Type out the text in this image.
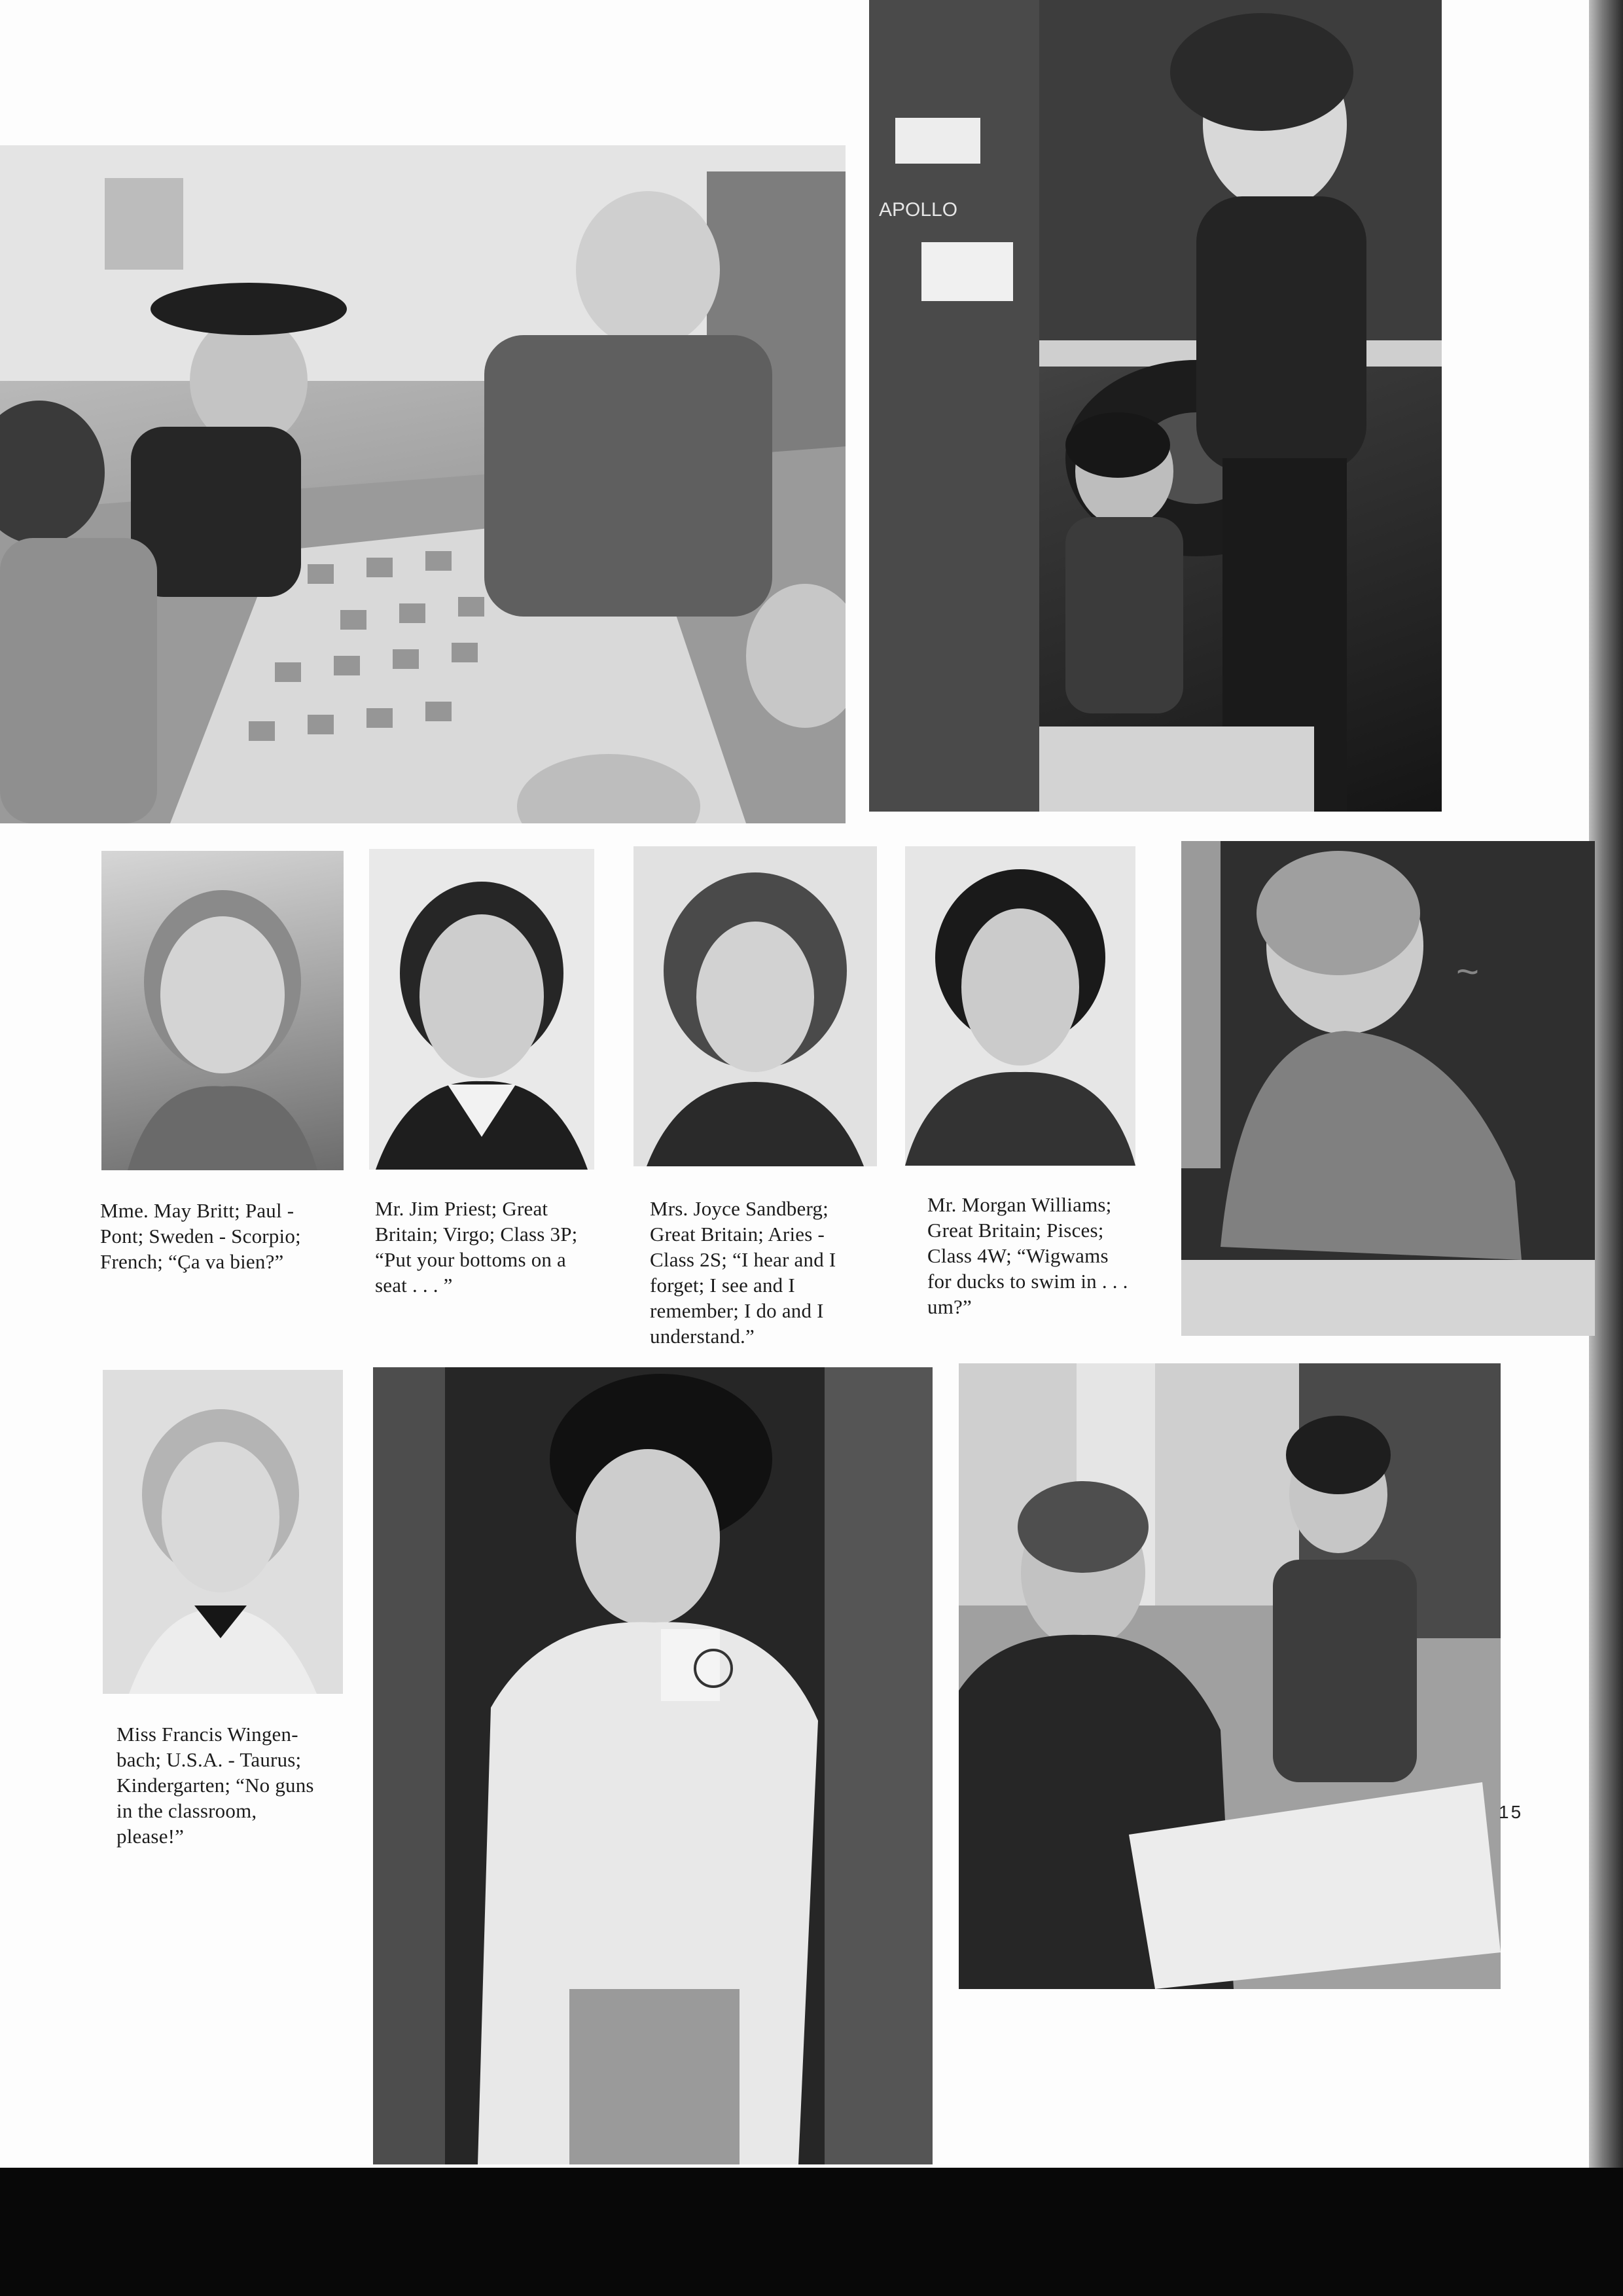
APOLLO
~
Mme. May Britt; Paul -
Pont; Sweden - Scorpio;
French; “Ça va bien?”
Mr. Jim Priest; Great
Britain; Virgo; Class 3P;
“Put your bottoms on a
seat . . . ”
Mrs. Joyce Sandberg;
Great Britain; Aries -
Class 2S; “I hear and I
forget; I see and I
remember; I do and I
understand.”
Mr. Morgan Williams;
Great Britain; Pisces;
Class 4W; “Wigwams
for ducks to swim in . . .
um?”
Miss Francis Wingen-
bach; U.S.A. - Taurus;
Kindergarten; “No guns
in the classroom,
please!”
15
